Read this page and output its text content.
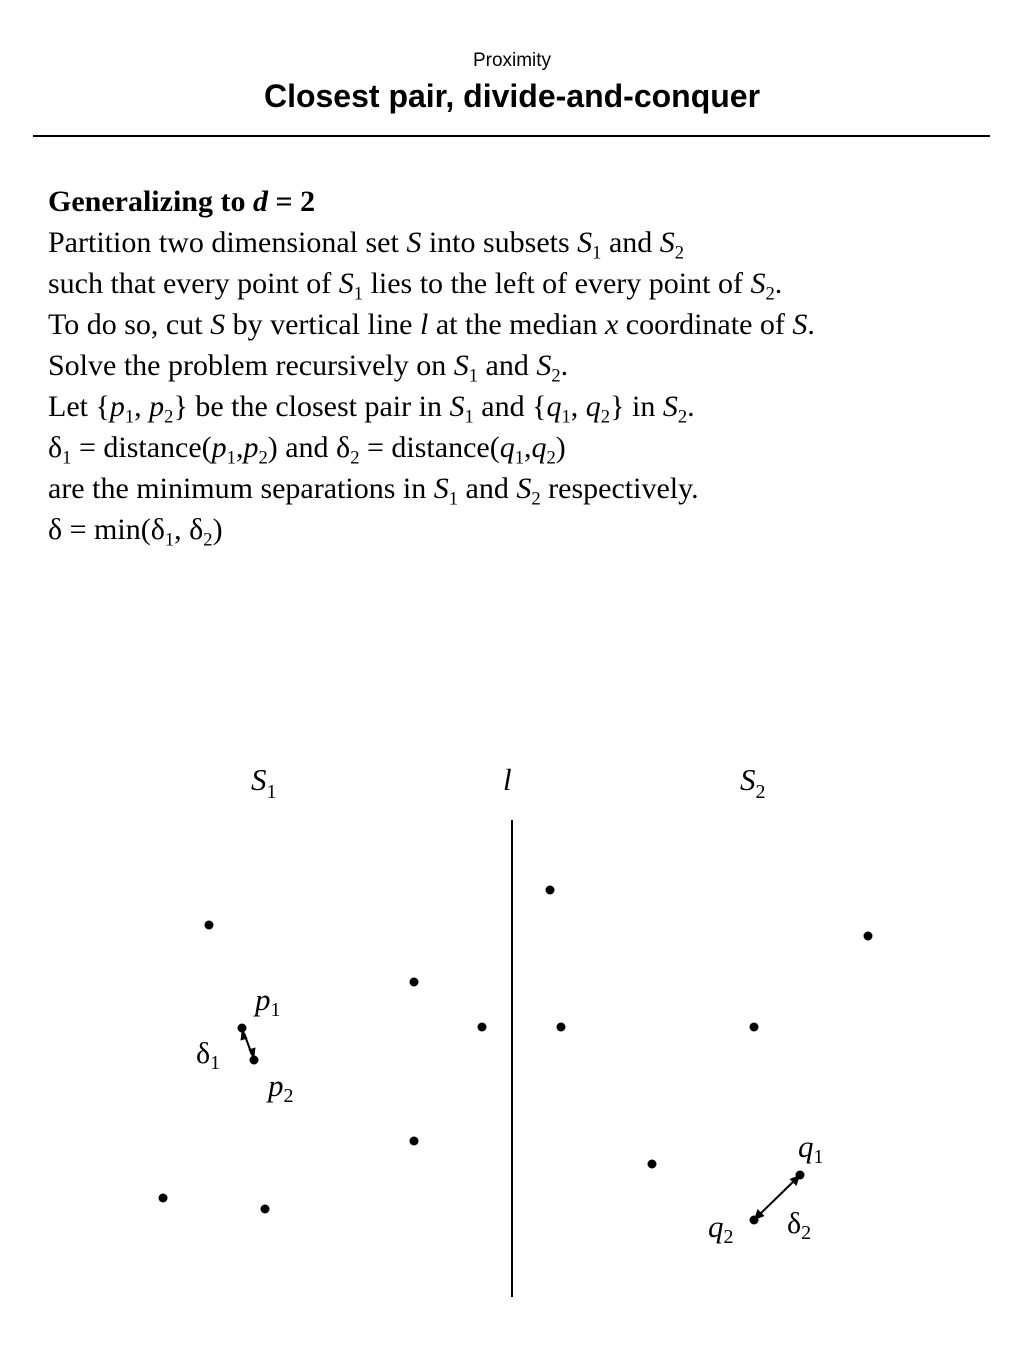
Proximity
Closest pair, divide-and-conquer
Generalizing to d = 2
Partition two dimensional set S into subsets $S_1$ and $S_2$
such that every point of $S_1$ lies to the left of every point of $S_2$.
To do so, cut S by vertical line l at the median x coordinate of S.
Solve the problem recursively on $S_1$ and $S_2$.
Let {$p_1$, $p_2$} be the closest pair in $S_1$ and {$q_1$, $q_2$} in $S_2$.
$\delta_1$ = $distance(p_1,p_2)$ and $\delta_2$ = $distance(q_1,q_2)$
are the minimum separations in $S_1$ and $S_2$ respectively.
$\delta = \min(\delta_1$, $\delta_2$)
$S_1$	l	$S_2$
p1
$\delta_1$
p2
q1
q2 $\delta_2$
